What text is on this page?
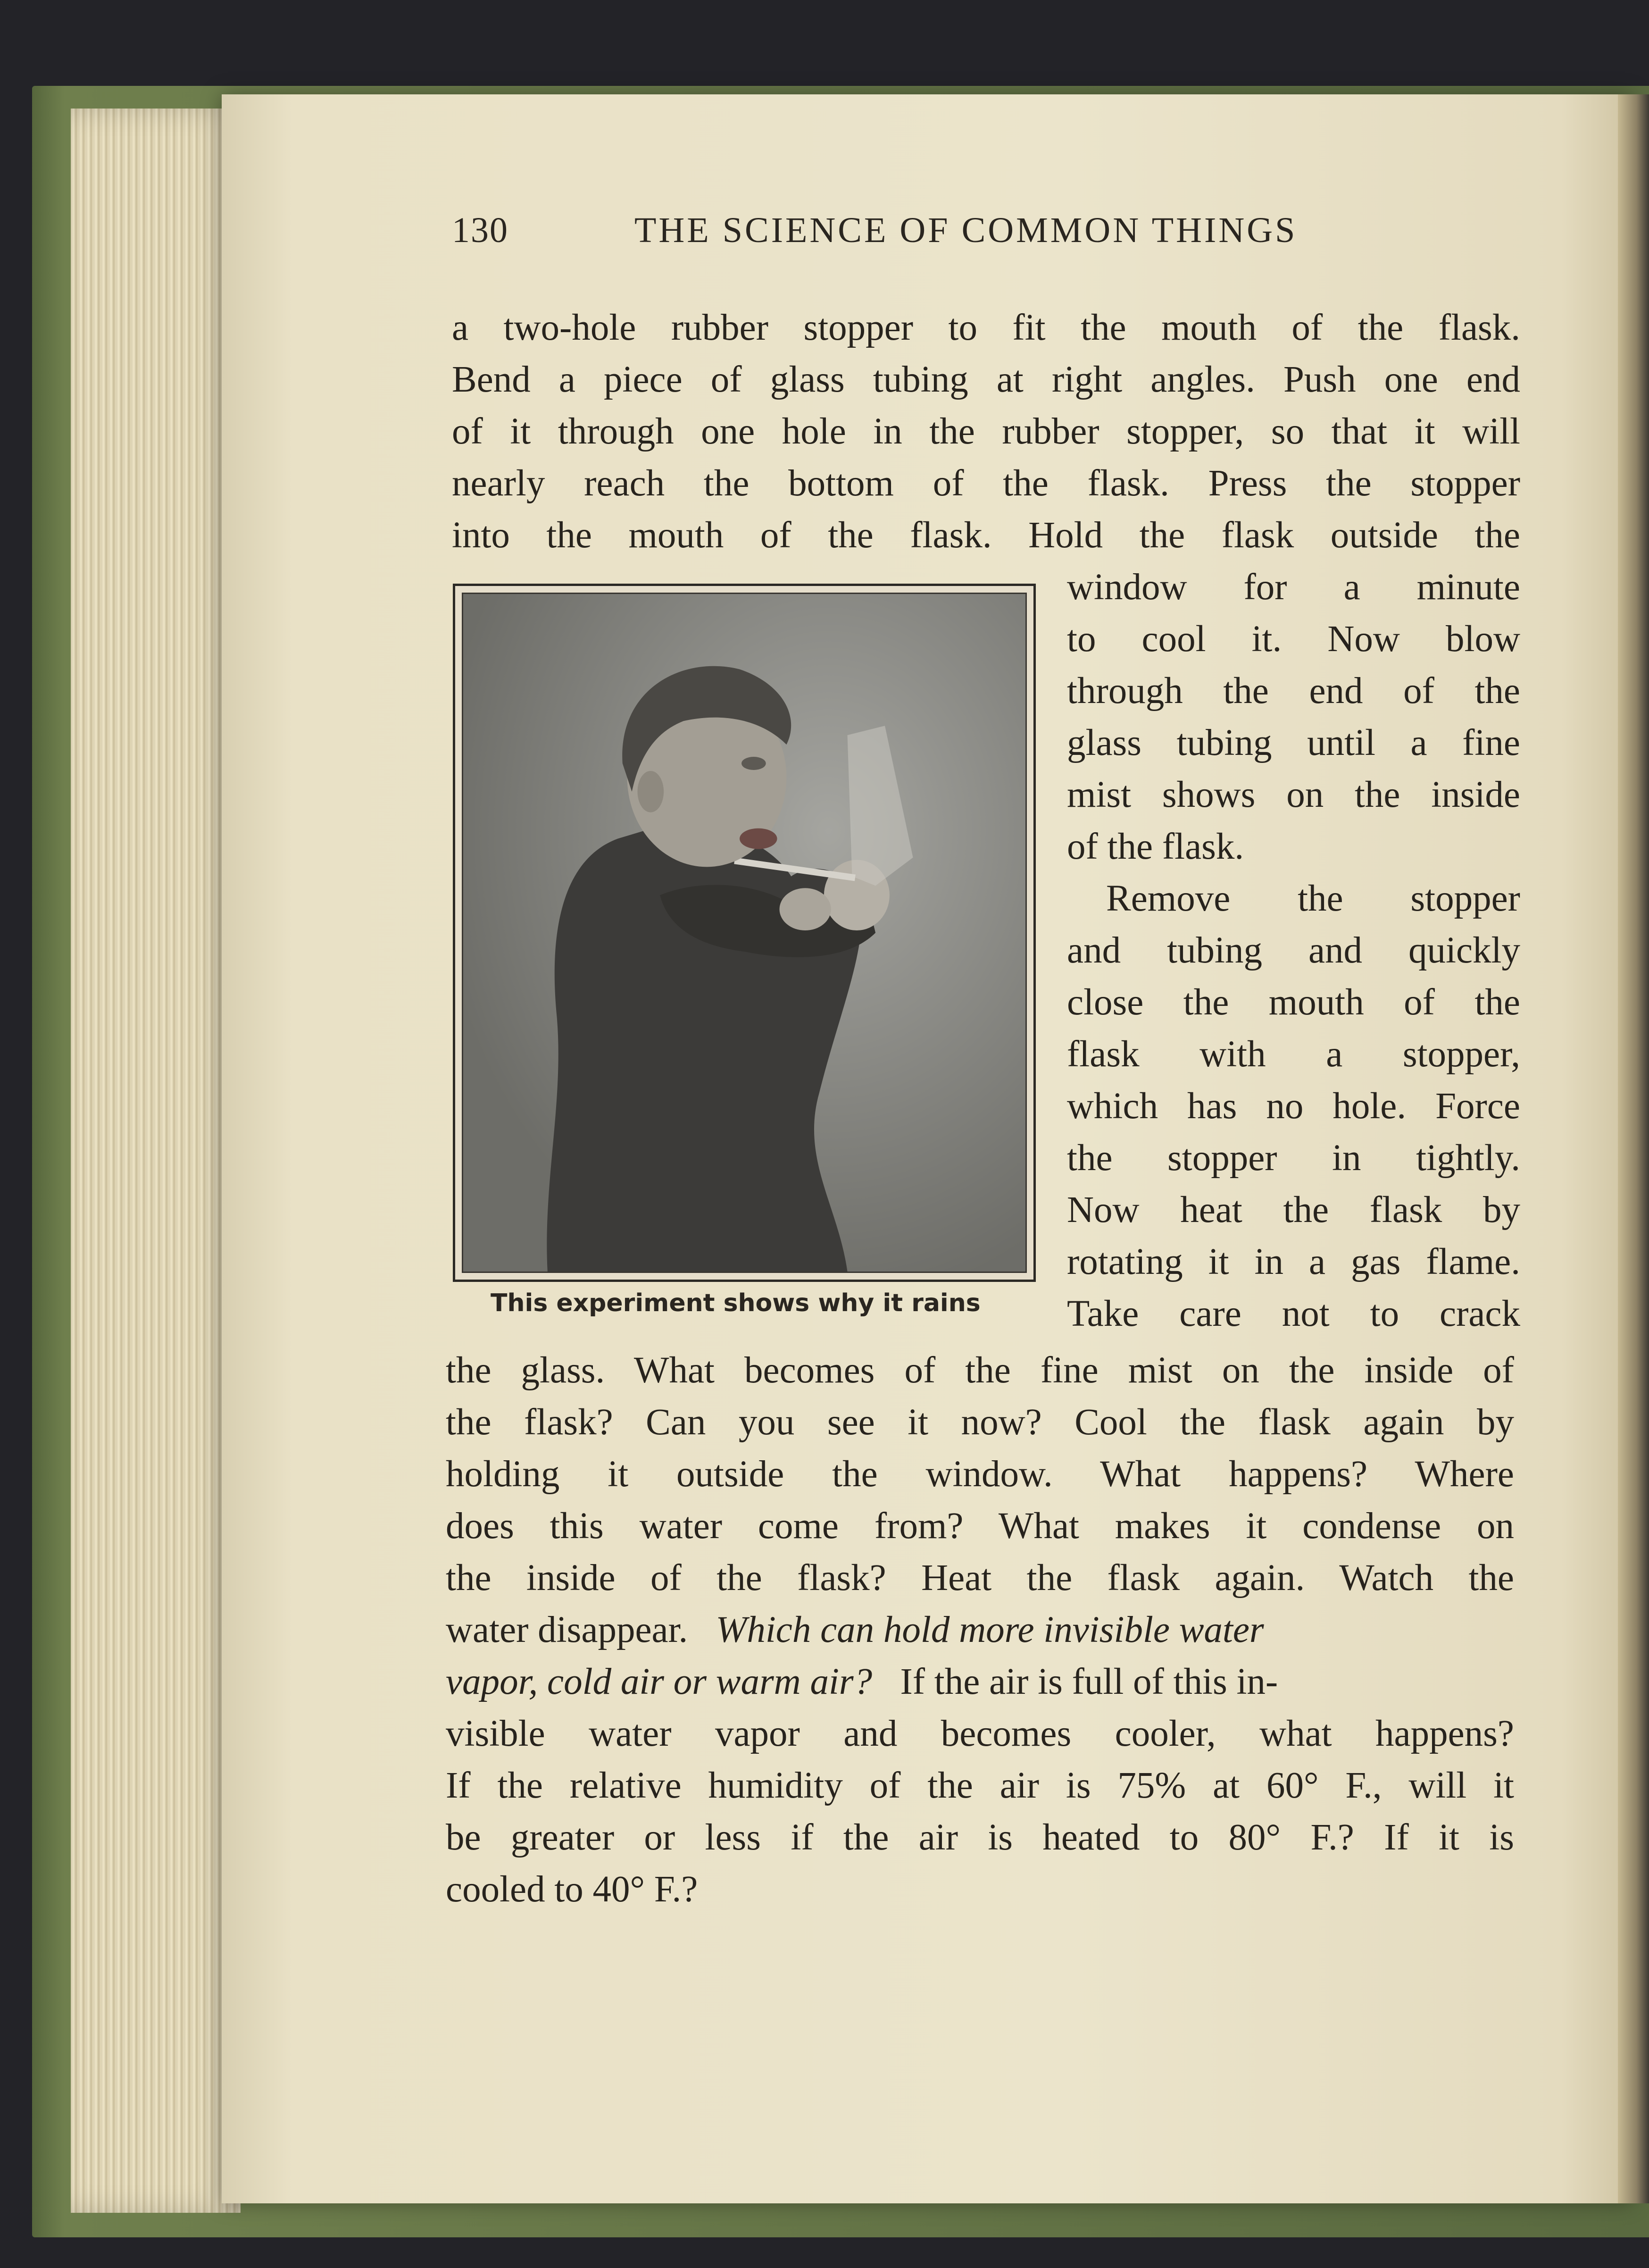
130	THE SCIENCE OF COMMON THINGS
a two-hole rubber stopper to fit the mouth of the flask.
Bend a piece of glass tubing at right angles. Push one end
of it through one hole in the rubber stopper, so that it will
nearly reach the bottom of the flask. Press the stopper
into the mouth of the flask. Hold the flask outside the
This experiment shows why it rains
window for a minute
to cool it. Now blow
through the end of the
glass tubing until a fine
mist shows on the inside
of the flask.
Remove the stopper
and tubing and quickly
close the mouth of the
flask with a stopper,
which has no hole. Force
the stopper in tightly.
Now heat the flask by
rotating it in a gas flame.
Take care not to crack
the glass. What becomes of the fine mist on the inside of
the flask? Can you see it now? Cool the flask again by
holding it outside the window. What happens? Where
does this water come from? What makes it condense on
the inside of the flask? Heat the flask again. Watch the
water disappear. Which can hold more invisible water
vapor, cold air or warm air? If the air is full of this in-
visible water vapor and becomes cooler, what happens?
If the relative humidity of the air is 75% at 60° F., will it
be greater or less if the air is heated to 80° F.? If it is
cooled to 40° F.?
